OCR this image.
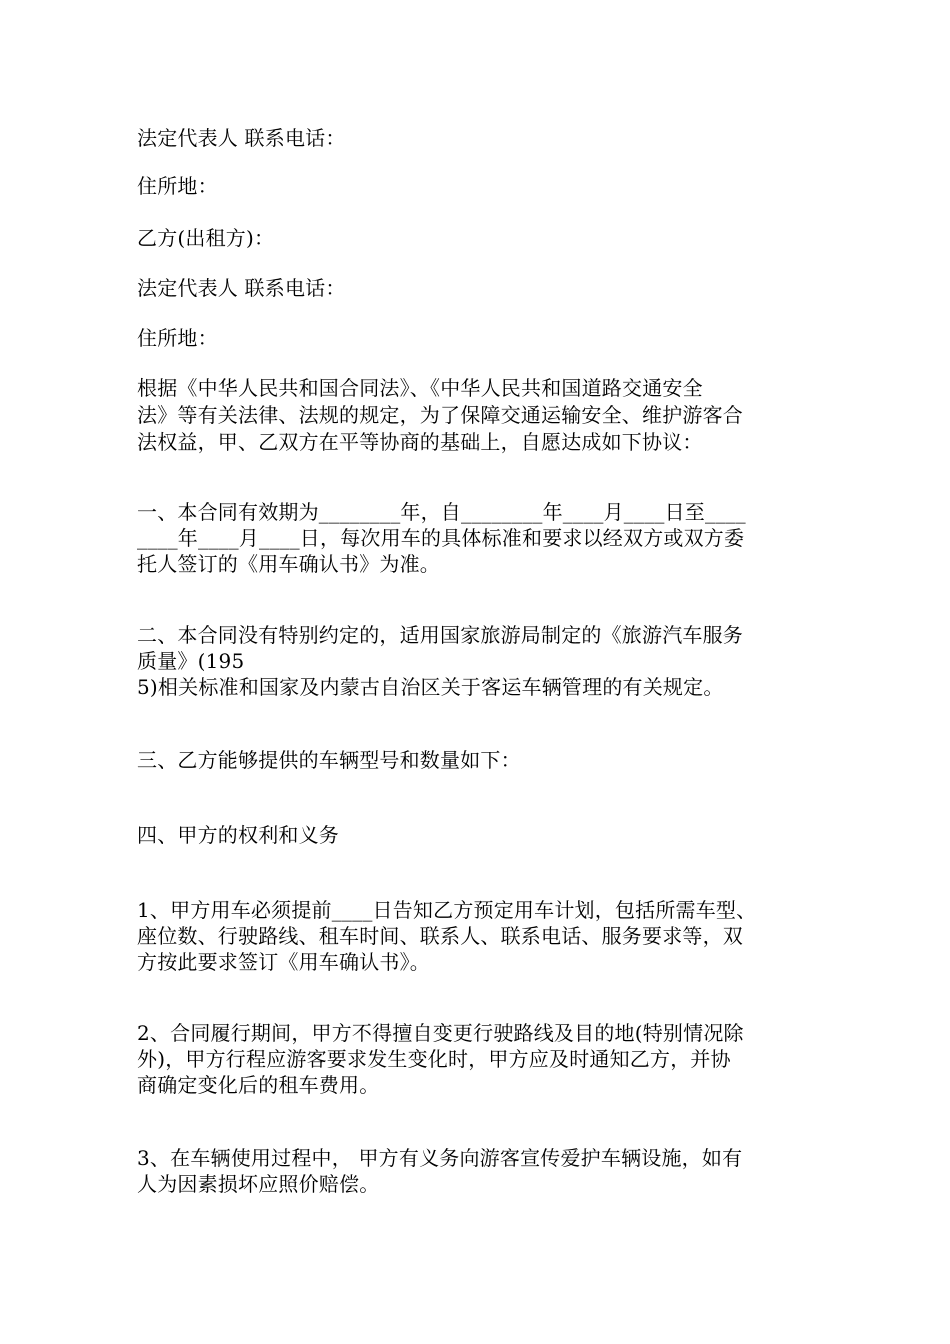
法定代表人 联系电话：
住所地：
乙方(出租方)：
法定代表人 联系电话：
住所地：
根据《中华人民共和国合同法》、《中华人民共和国道路交通安全
法》等有关法律、法规的规定，为了保障交通运输安全、维护游客合
法权益，甲、乙双方在平等协商的基础上，自愿达成如下协议：
一、本合同有效期为________年，自________年____月____日至____
____年____月____日，每次用车的具体标准和要求以经双方或双方委
托人签订的《用车确认书》为准。
二、本合同没有特别约定的，适用国家旅游局制定的《旅游汽车服务
质量》(195
5)相关标准和国家及内蒙古自治区关于客运车辆管理的有关规定。
三、乙方能够提供的车辆型号和数量如下：
四、甲方的权利和义务
1、甲方用车必须提前____日告知乙方预定用车计划，包括所需车型、
座位数、行驶路线、租车时间、联系人、联系电话、服务要求等，双
方按此要求签订《用车确认书》。
2、合同履行期间，甲方不得擅自变更行驶路线及目的地(特别情况除
外)，甲方行程应游客要求发生变化时，甲方应及时通知乙方，并协
商确定变化后的租车费用。
3、在车辆使用过程中， 甲方有义务向游客宣传爱护车辆设施，如有
人为因素损坏应照价赔偿。
